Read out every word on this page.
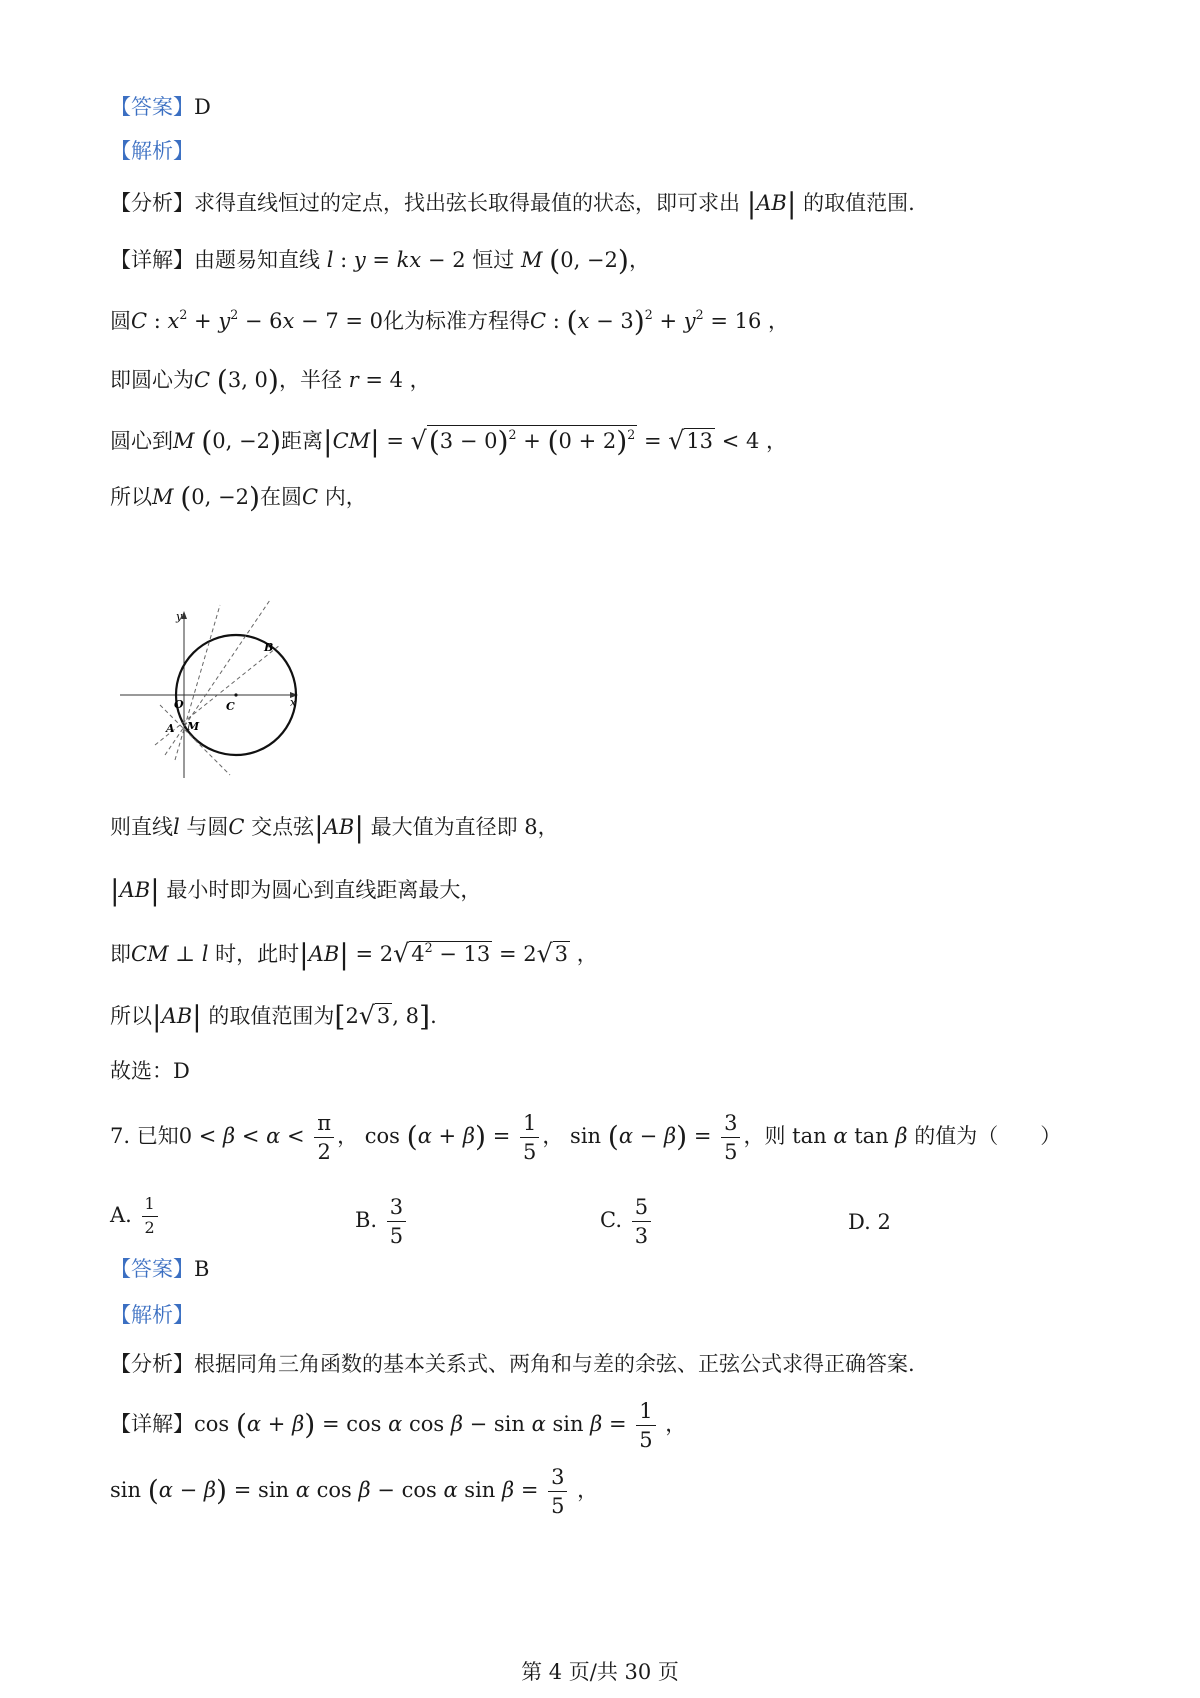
【答案】D
【解析】
【分析】求得直线恒过的定点，找出弦长取得最值的状态，即可求出 |AB| 的取值范围.
【详解】由题易知直线 l : y = kx − 2 恒过 M (0, −2)，
圆C : $x^2 + y^2 - 6x - 7 = 0$化为标准方程得C : $(x - 3)^2 + y^2 = 16$ ，
即圆心为C (3, 0)，半径 r = 4 ，
圆心到M (0, −2)距离$|CM| = √(3 - 0)^2 + (0 + 2)^2 = √13 < 4$ ，
所以M (0, −2)在圆C 内，
y
x
O	C
A M
B
则直线l 与圆C 交点弦|AB| 最大值为直径即 8，
|AB| 最小时即为圆心到直线距离最大，
即CM ⊥ l 时，此时$|AB| = 2√4^2 - 13 = 2√3$ ，
所以|AB| 的取值范围为[2√3, 8].
故选：D
7. 已知$0 < \beta < \alpha < \frac{\pi}{2}$ ， $\cos (\alpha + \beta) = \frac{1}{5}$ ， $\sin (\alpha - \beta) = \frac{3}{5}$ ，则 tan α tan β 的值为（　　）
A. $\frac{1}{2}$	B. $\frac{3}{5}$	C. $\frac{5}{3}$	D. 2
【答案】B
【解析】
【分析】根据同角三角函数的基本关系式、两角和与差的余弦、正弦公式求得正确答案.
【详解】cos (α + β) = cos α cos β − sin α $\sin \beta = \frac{1}{5}$ ，
sin (α − β) = sin α cos β − cos α $\sin \beta = \frac{3}{5}$ ，
第 4 页/共 30 页
